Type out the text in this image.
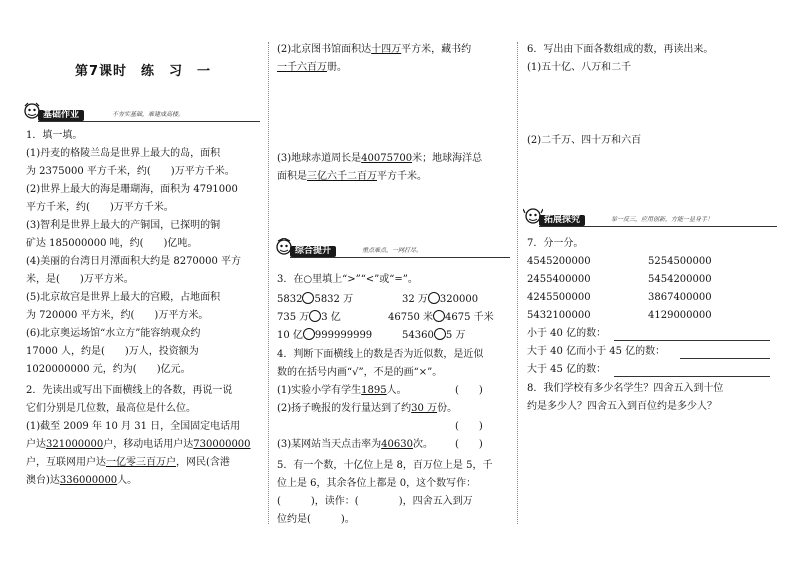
第7课时　练　习　一
基础作业	不夯实基础，难建成高楼。
1．填一填。
(1)丹麦的格陵兰岛是世界上最大的岛，面积
为 2375000 平方千米，约(　　)万平方千米。
(2)世界上最大的海是珊瑚海，面积为 4791000
平方千米，约(　　)万平方千米。
(3)智利是世界上最大的产铜国，已探明的铜
矿达 185000000 吨，约(　　)亿吨。
(4)美丽的台湾日月潭面积大约是 8270000 平方
米，是(　　)万平方米。
(5)北京故宫是世界上最大的宫殿，占地面积
为 720000 平方米，约(　　)万平方米。
(6)北京奥运场馆“水立方”能容纳观众约
17000 人，约是(　　)万人，投资额为
1020000000 元，约为(　　)亿元。
2．先读出或写出下面横线上的各数，再说一说
它们分别是几位数，最高位是什么位。
(1)截至 2009 年 10 月 31 日，全国固定电话用
户达321000000户，移动电话用户达730000000
户，互联网用户达一亿零三百万户，网民(含港
澳台)达336000000人。
(2)北京图书馆面积达十四万平方米，藏书约
一千六百万册。
(3)地球赤道周长是40075700米；地球海洋总
面积是三亿六千二百万平方千米。
综合提升	重点难点，一网打尽。
3．在○里填上“>”“<”或“=”。
5832 5832 万	32 万 320000
735 万 3 亿	46750 米 4675 千米
10 亿 999999999	54360 5 万
4．判断下面横线上的数是否为近似数，是近似
数的在括号内画“√”，不是的画“×”。
(1)实验小学有学生1895人。	(　　)
(2)扬子晚报的发行量达到了约30 万份。
(　　)
(3)某网站当天点击率为40630次。 (　　)
5．有一个数，十亿位上是 8，百万位上是 5，千
位上是 6，其余各位上都是 0，这个数写作：
(　　　)，读作：(　　　　)，四舍五入到万
位约是(　　　)。
6．写出由下面各数组成的数，再读出来。
(1)五十亿、八万和二千
(2)二千万、四十万和六百
拓展探究	举一反三，应用创新，方能一显身手！
7．分一分。
4545200000	5254500000
2455400000	5454200000
4245500000	3867400000
5432100000	4129000000
小于 40 亿的数：
大于 40 亿而小于 45 亿的数：
大于 45 亿的数：
8．我们学校有多少名学生？四舍五入到十位
约是多少人？四舍五入到百位约是多少人？
